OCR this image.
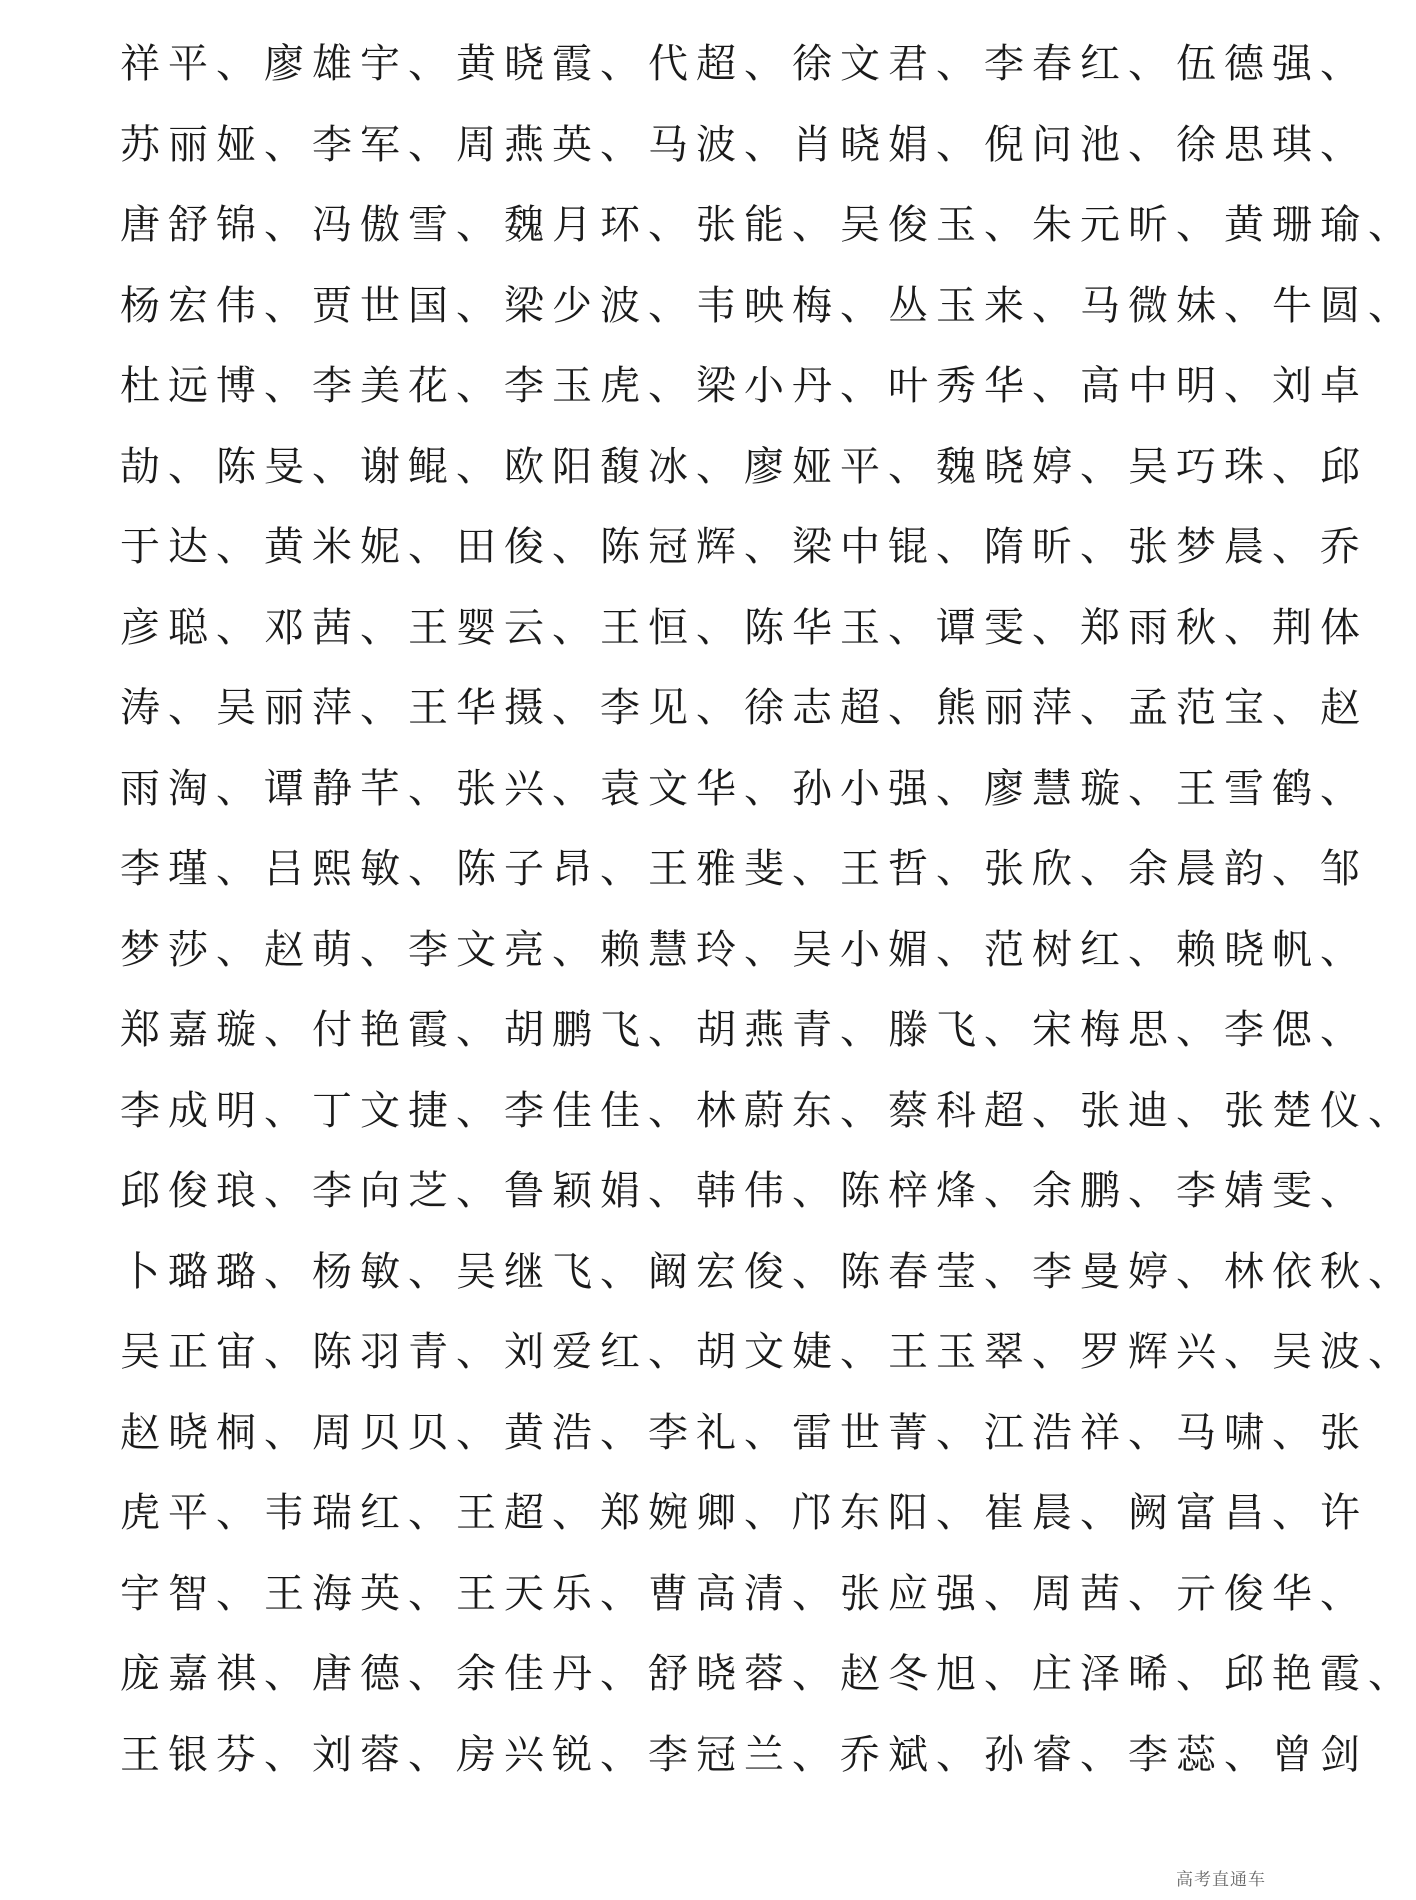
祥平、廖雄宇、黄晓霞、代超、徐文君、李春红、伍德强、
苏丽娅、李军、周燕英、马波、肖晓娟、倪问池、徐思琪、
唐舒锦、冯傲雪、魏月环、张能、吴俊玉、朱元昕、黄珊瑜、
杨宏伟、贾世国、梁少波、韦映梅、丛玉来、马微妹、牛圆、
杜远博、李美花、李玉虎、梁小丹、叶秀华、高中明、刘卓
劼、陈旻、谢鲲、欧阳馥冰、廖娅平、魏晓婷、吴巧珠、邱
于达、黄米妮、田俊、陈冠辉、梁中锟、隋昕、张梦晨、乔
彦聪、邓茜、王婴云、王恒、陈华玉、谭雯、郑雨秋、荆体
涛、吴丽萍、王华摄、李见、徐志超、熊丽萍、孟范宝、赵
雨淘、谭静芊、张兴、袁文华、孙小强、廖慧璇、王雪鹤、
李瑾、吕熙敏、陈子昂、王雅斐、王哲、张欣、余晨韵、邹
梦莎、赵萌、李文亮、赖慧玲、吴小媚、范树红、赖晓帆、
郑嘉璇、付艳霞、胡鹏飞、胡燕青、滕飞、宋梅思、李偲、
李成明、丁文捷、李佳佳、林蔚东、蔡科超、张迪、张楚仪、
邱俊琅、李向芝、鲁颖娟、韩伟、陈梓烽、余鹏、李婧雯、
卜璐璐、杨敏、吴继飞、阚宏俊、陈春莹、李曼婷、林依秋、
吴正宙、陈羽青、刘爱红、胡文婕、王玉翠、罗辉兴、吴波、
赵晓桐、周贝贝、黄浩、李礼、雷世菁、江浩祥、马啸、张
虎平、韦瑞红、王超、郑婉卿、邝东阳、崔晨、阙富昌、许
宇智、王海英、王天乐、曹高清、张应强、周茜、亓俊华、
庞嘉祺、唐德、余佳丹、舒晓蓉、赵冬旭、庄泽晞、邱艳霞、
王银芬、刘蓉、房兴锐、李冠兰、乔斌、孙睿、李蕊、曾剑
高考直通车
